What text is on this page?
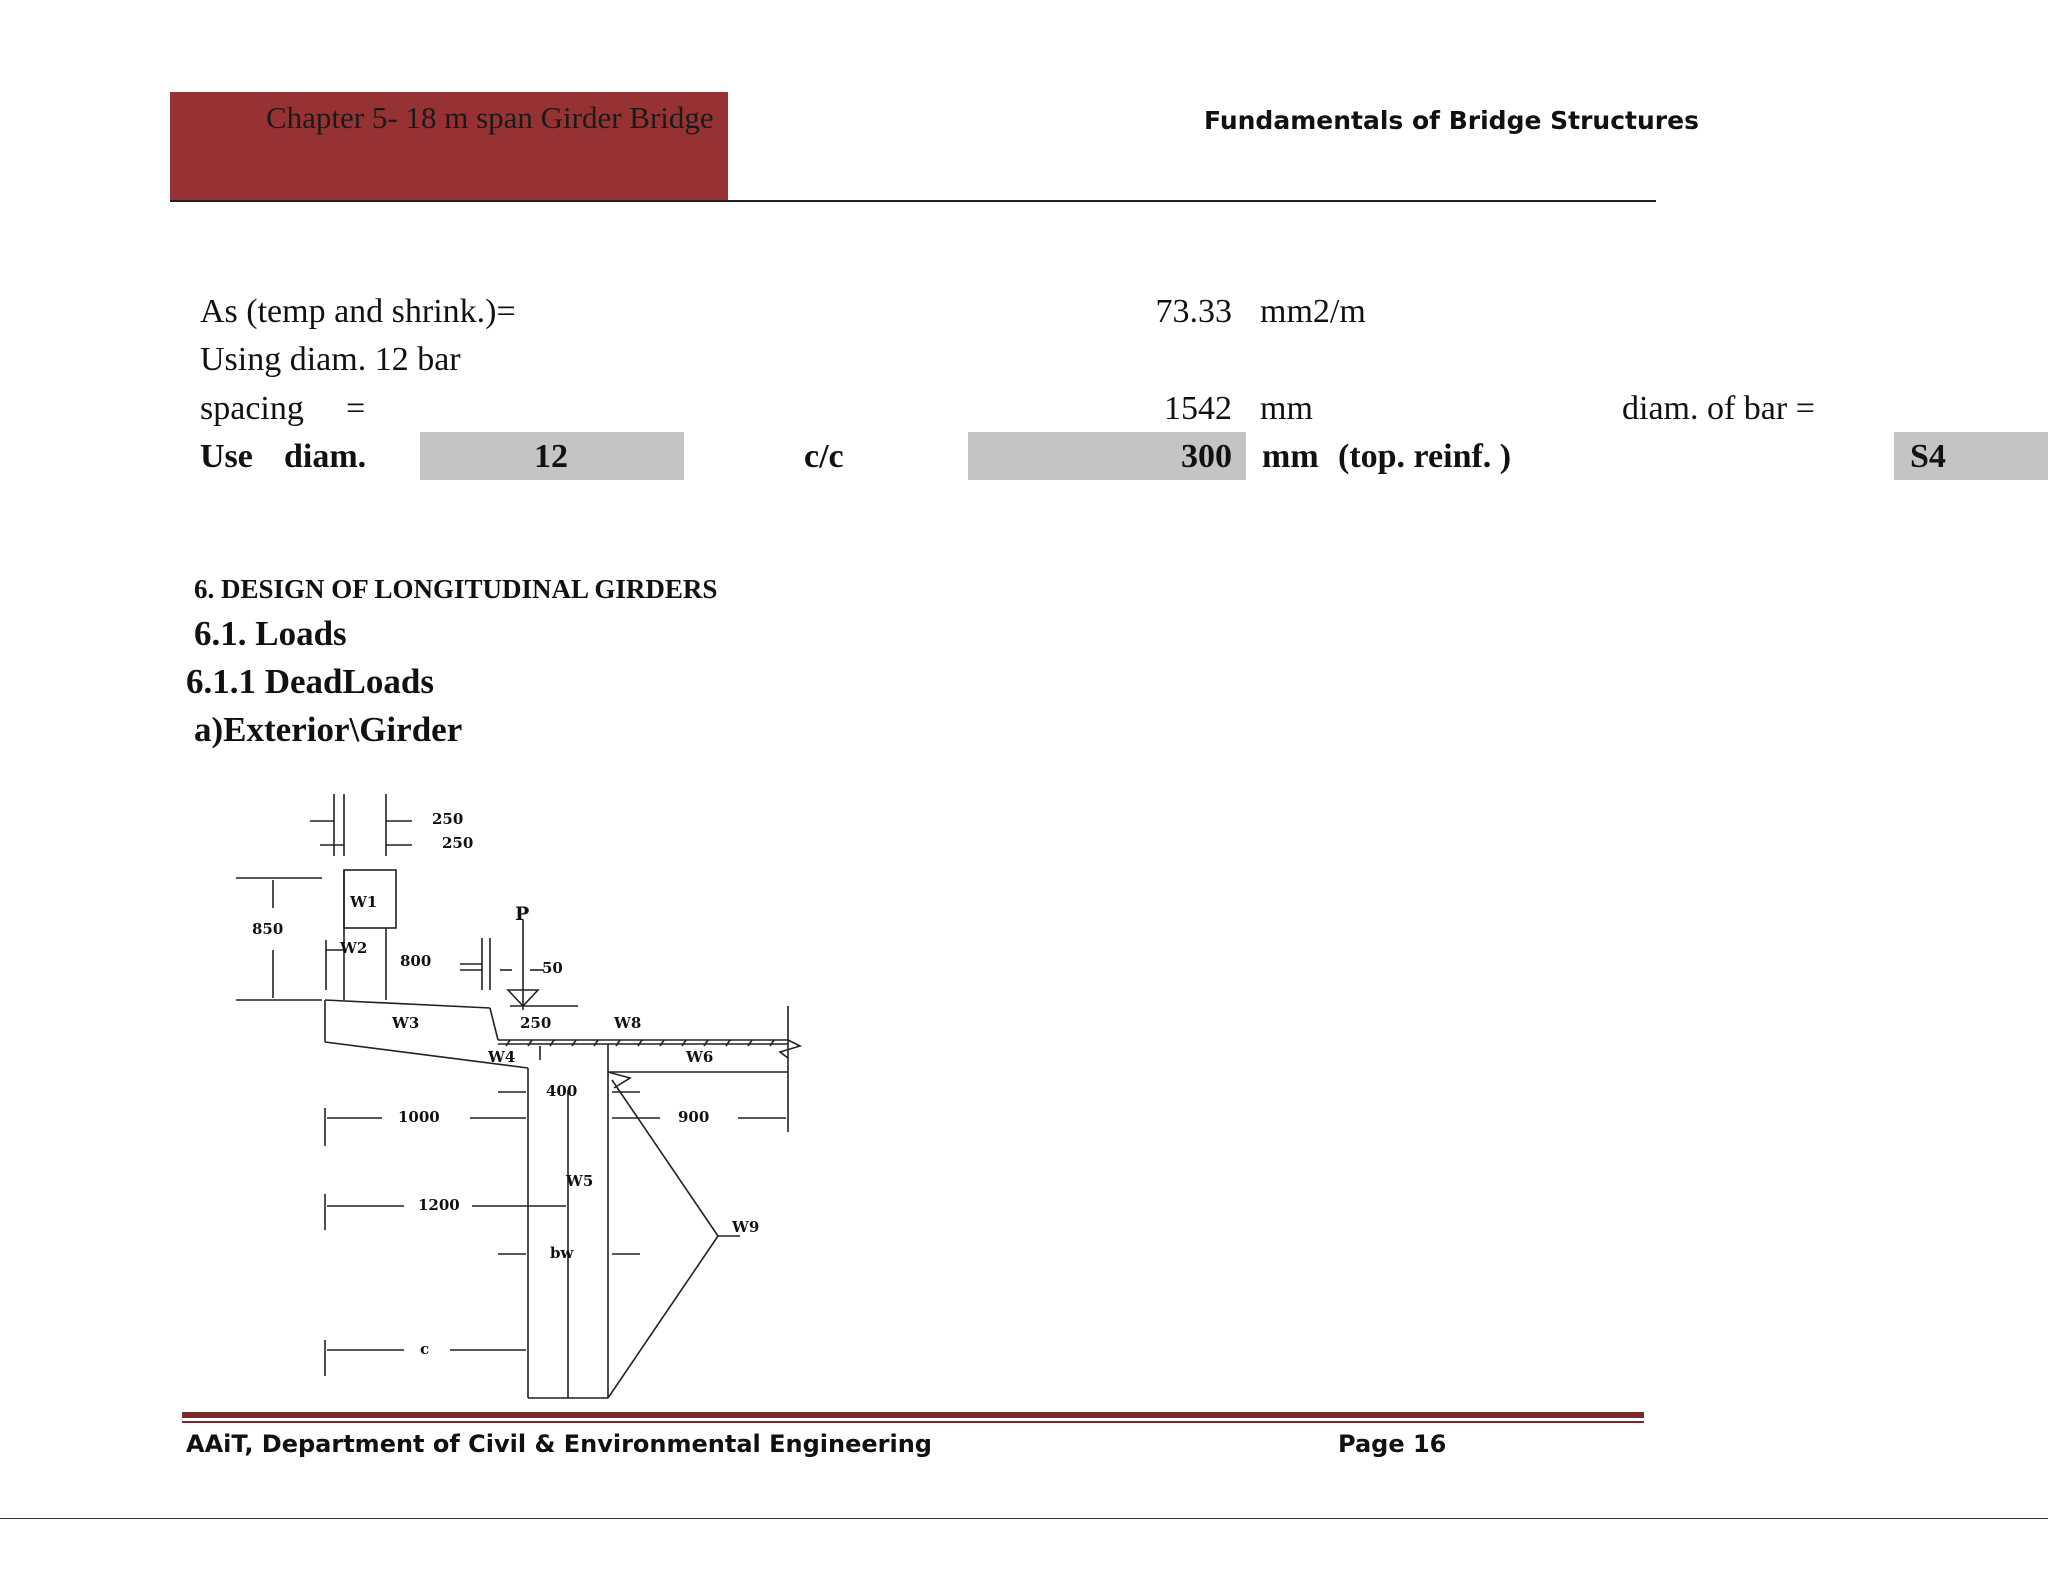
Chapter 5- 18 m span Girder Bridge	Fundamentals of Bridge Structures
As (temp and shrink.)=	73.33 mm2/m
Using diam. 12 bar
spacing =	1542 mm	diam. of bar =
Use diam.	12	c/c	300 mm (top. reinf. )	S4
6. DESIGN OF LONGITUDINAL GIRDERS
6.1. Loads
6.1.1 DeadLoads
a)Exterior\Girder
250
250
850
W1
W2
800
P
50
W3	250	W8
W4	W6
400
1000	900
W5
1200
W9
bw
c
AAiT, Department of Civil & Environmental Engineering	Page 16
